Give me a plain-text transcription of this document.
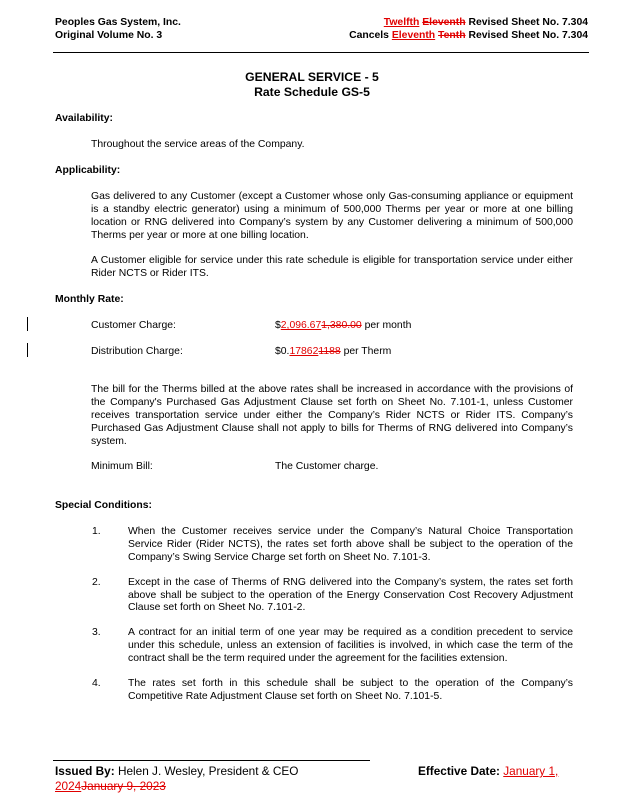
Peoples Gas System, Inc.
Original Volume No. 3
Twelfth Eleventh Revised Sheet No. 7.304
Cancels Eleventh Tenth Revised Sheet No. 7.304
GENERAL SERVICE - 5
Rate Schedule GS-5
Availability:
Throughout the service areas of the Company.
Applicability:
Gas delivered to any Customer (except a Customer whose only Gas-consuming appliance or equipment is a standby electric generator) using a minimum of 500,000 Therms per year or more at one billing location or RNG delivered into Company’s system by any Customer delivering a minimum of 500,000 Therms per year or more at one billing location.
A Customer eligible for service under this rate schedule is eligible for transportation service under either Rider NCTS or Rider ITS.
Monthly Rate:
Customer Charge:	$2,096.671,380.00 per month
Distribution Charge:	$0.178621188 per Therm
The bill for the Therms billed at the above rates shall be increased in accordance with the provisions of the Company's Purchased Gas Adjustment Clause set forth on Sheet No. 7.101-1, unless Customer receives transportation service under either the Company’s Rider NCTS or Rider ITS. Company’s Purchased Gas Adjustment Clause shall not apply to bills for Therms of RNG delivered into Company’s system.
Minimum Bill:	The Customer charge.
Special Conditions:
1.	When the Customer receives service under the Company’s Natural Choice Transportation Service Rider (Rider NCTS), the rates set forth above shall be subject to the operation of the Company’s Swing Service Charge set forth on Sheet No. 7.101-3.
2.	Except in the case of Therms of RNG delivered into the Company’s system, the rates set forth above shall be subject to the operation of the Energy Conservation Cost Recovery Adjustment Clause set forth on Sheet No. 7.101-2.
3.	A contract for an initial term of one year may be required as a condition precedent to service under this schedule, unless an extension of facilities is involved, in which case the term of the contract shall be the term required under the agreement for the facilities extension.
4.	The rates set forth in this schedule shall be subject to the operation of the Company’s Competitive Rate Adjustment Clause set forth on Sheet No. 7.101-5.
Issued By: Helen J. Wesley, President & CEO	Effective Date: January 1,
2024January 9, 2023
